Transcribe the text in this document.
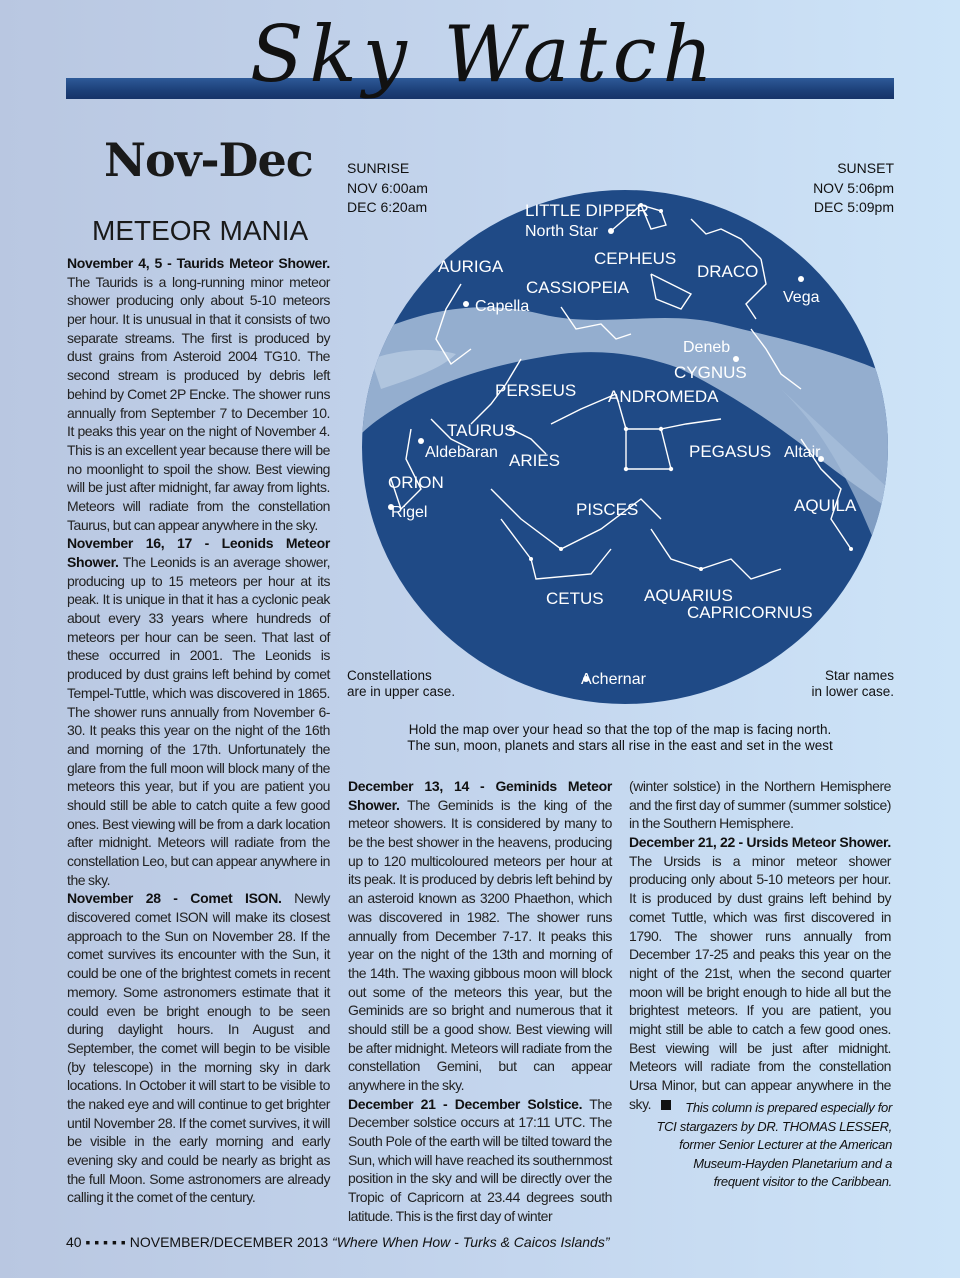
Sky Watch
Nov-Dec
METEOR MANIA
SUNRISE
NOV 6:00am
DEC 6:20am
SUNSET
NOV 5:06pm
DEC 5:09pm
LITTLE DIPPER
North Star
AURIGA	CEPHEUS
DRACO
CASSIOPEIA
Capella
Vega
Deneb
CYGNUS
PERSEUS ANDROMEDA
TAURUS
Aldebaran ARIES	PEGASUS Altair
ORION
Rigel	PISCES	AQUILA
CETUS AQUARIUS
CAPRICORNUS
Achernar
Constellations
are in upper case.
Star names
in lower case.
Hold the map over your head so that the top of the map is facing north.
The sun, moon, planets and stars all rise in the east and set in the west

November 4, 5 - Taurids Meteor Shower. The Taurids is a long-running minor meteor shower producing only about 5-10 meteors per hour. It is unusual in that it consists of two separate streams. The first is produced by dust grains from Asteroid 2004 TG10. The second stream is produced by debris left behind by Comet 2P Encke. The shower runs annually from September 7 to December 10. It peaks this year on the night of November 4. This is an excellent year because there will be no moonlight to spoil the show. Best viewing will be just after midnight, far away from lights. Meteors will radiate from the constellation Taurus, but can appear anywhere in the sky.

November 16, 17 - Leonids Meteor Shower. The Leonids is an average shower, producing up to 15 meteors per hour at its peak. It is unique in that it has a cyclonic peak about every 33 years where hundreds of meteors per hour can be seen. That last of these occurred in 2001. The Leonids is produced by dust grains left behind by comet Tempel-Tuttle, which was discovered in 1865. The shower runs annually from November 6-30. It peaks this year on the night of the 16th and morning of the 17th. Unfortunately the glare from the full moon will block many of the meteors this year, but if you are patient you should still be able to catch quite a few good ones. Best viewing will be from a dark location after midnight. Meteors will radiate from the constellation Leo, but can appear anywhere in the sky.

November 28 - Comet ISON. Newly discovered comet ISON will make its closest approach to the Sun on November 28. If the comet survives its encounter with the Sun, it could be one of the brightest comets in recent memory. Some astronomers estimate that it could even be bright enough to be seen during daylight hours. In August and September, the comet will begin to be visible (by telescope) in the morning sky in dark locations. In October it will start to be visible to the naked eye and will continue to get brighter until November 28. If the comet survives, it will be visible in the early morning and early evening sky and could be nearly as bright as the full Moon. Some astronomers are already calling it the comet of the century.

December 13, 14 - Geminids Meteor Shower. The Geminids is the king of the meteor showers. It is considered by many to be the best shower in the heavens, producing up to 120 multicoloured meteors per hour at its peak. It is produced by debris left behind by an asteroid known as 3200 Phaethon, which was discovered in 1982. The shower runs annually from December 7-17. It peaks this year on the night of the 13th and morning of the 14th. The waxing gibbous moon will block out some of the meteors this year, but the Geminids are so bright and numerous that it should still be a good show. Best viewing will be after midnight. Meteors will radiate from the constellation Gemini, but can appear anywhere in the sky.

December 21 - December Solstice. The December solstice occurs at 17:11 UTC. The South Pole of the earth will be tilted toward the Sun, which will have reached its southernmost position in the sky and will be directly over the Tropic of Capricorn at 23.44 degrees south latitude. This is the first day of winter

(winter solstice) in the Northern Hemisphere and the first day of summer (summer solstice) in the Southern Hemisphere.

December 21, 22 - Ursids Meteor Shower. The Ursids is a minor meteor shower producing only about 5-10 meteors per hour. It is produced by dust grains left behind by comet Tuttle, which was first discovered in 1790. The shower runs annually from December 17-25 and peaks this year on the night of the 21st, when the second quarter moon will be bright enough to hide all but the brightest meteors. If you are patient, you might still be able to catch a few good ones. Best viewing will be just after midnight. Meteors will radiate from the constellation Ursa Minor, but can appear anywhere in the sky.	This column is prepared especially for
TCI stargazers by DR. THOMAS LESSER,
former Senior Lecturer at the American
Museum-Hayden Planetarium and a
frequent visitor to the Caribbean.
40 ▪ ▪ ▪ ▪ ▪ NOVEMBER/DECEMBER 2013 “Where When How - Turks & Caicos Islands”
